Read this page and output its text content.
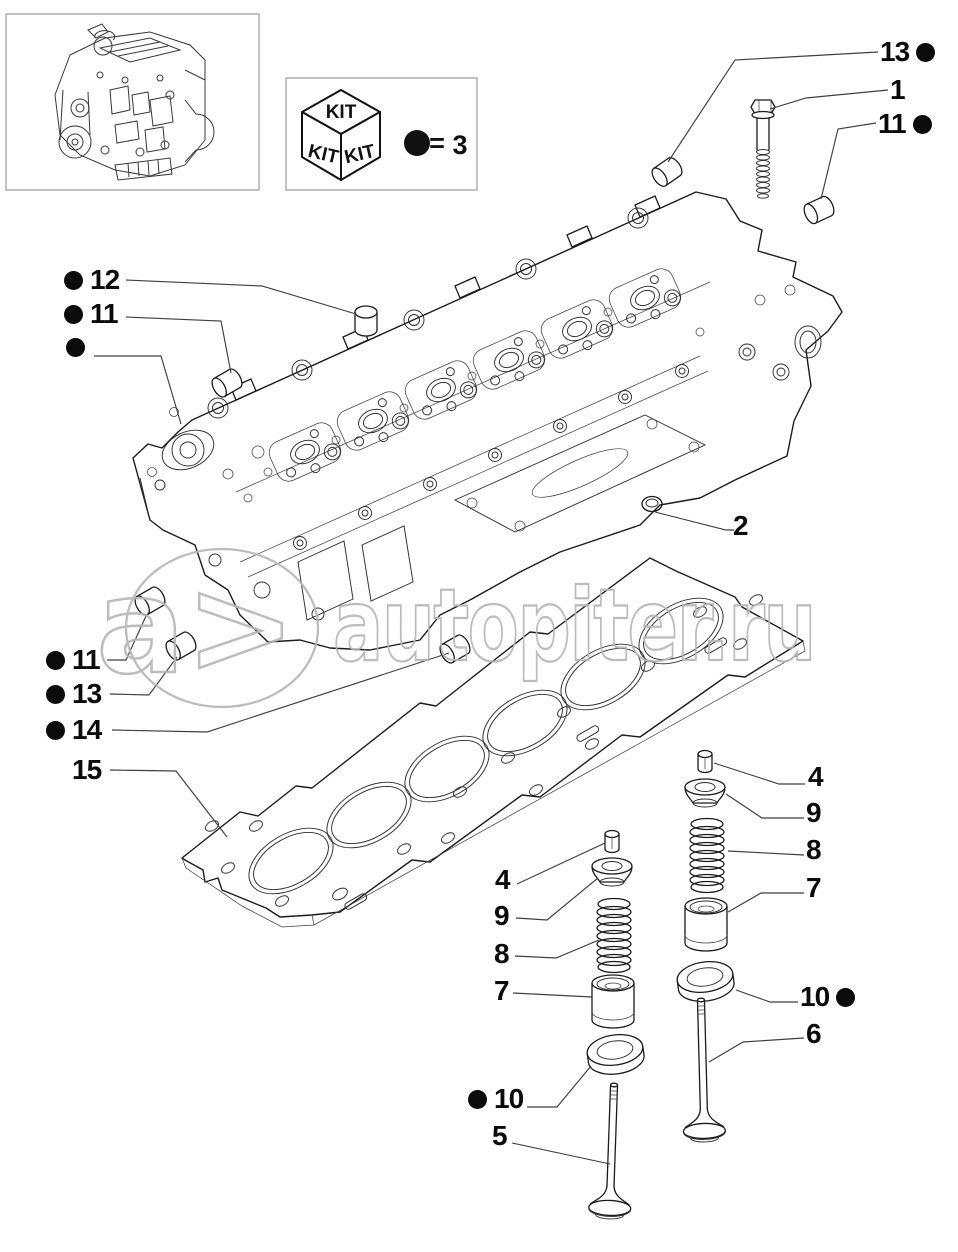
KIT
KIT KIT = 3
a> autopiter.ru
13
1
11
12
11
2
11
13
14
15
4
9
8
7
10
5
4
9
8
7
10
6
